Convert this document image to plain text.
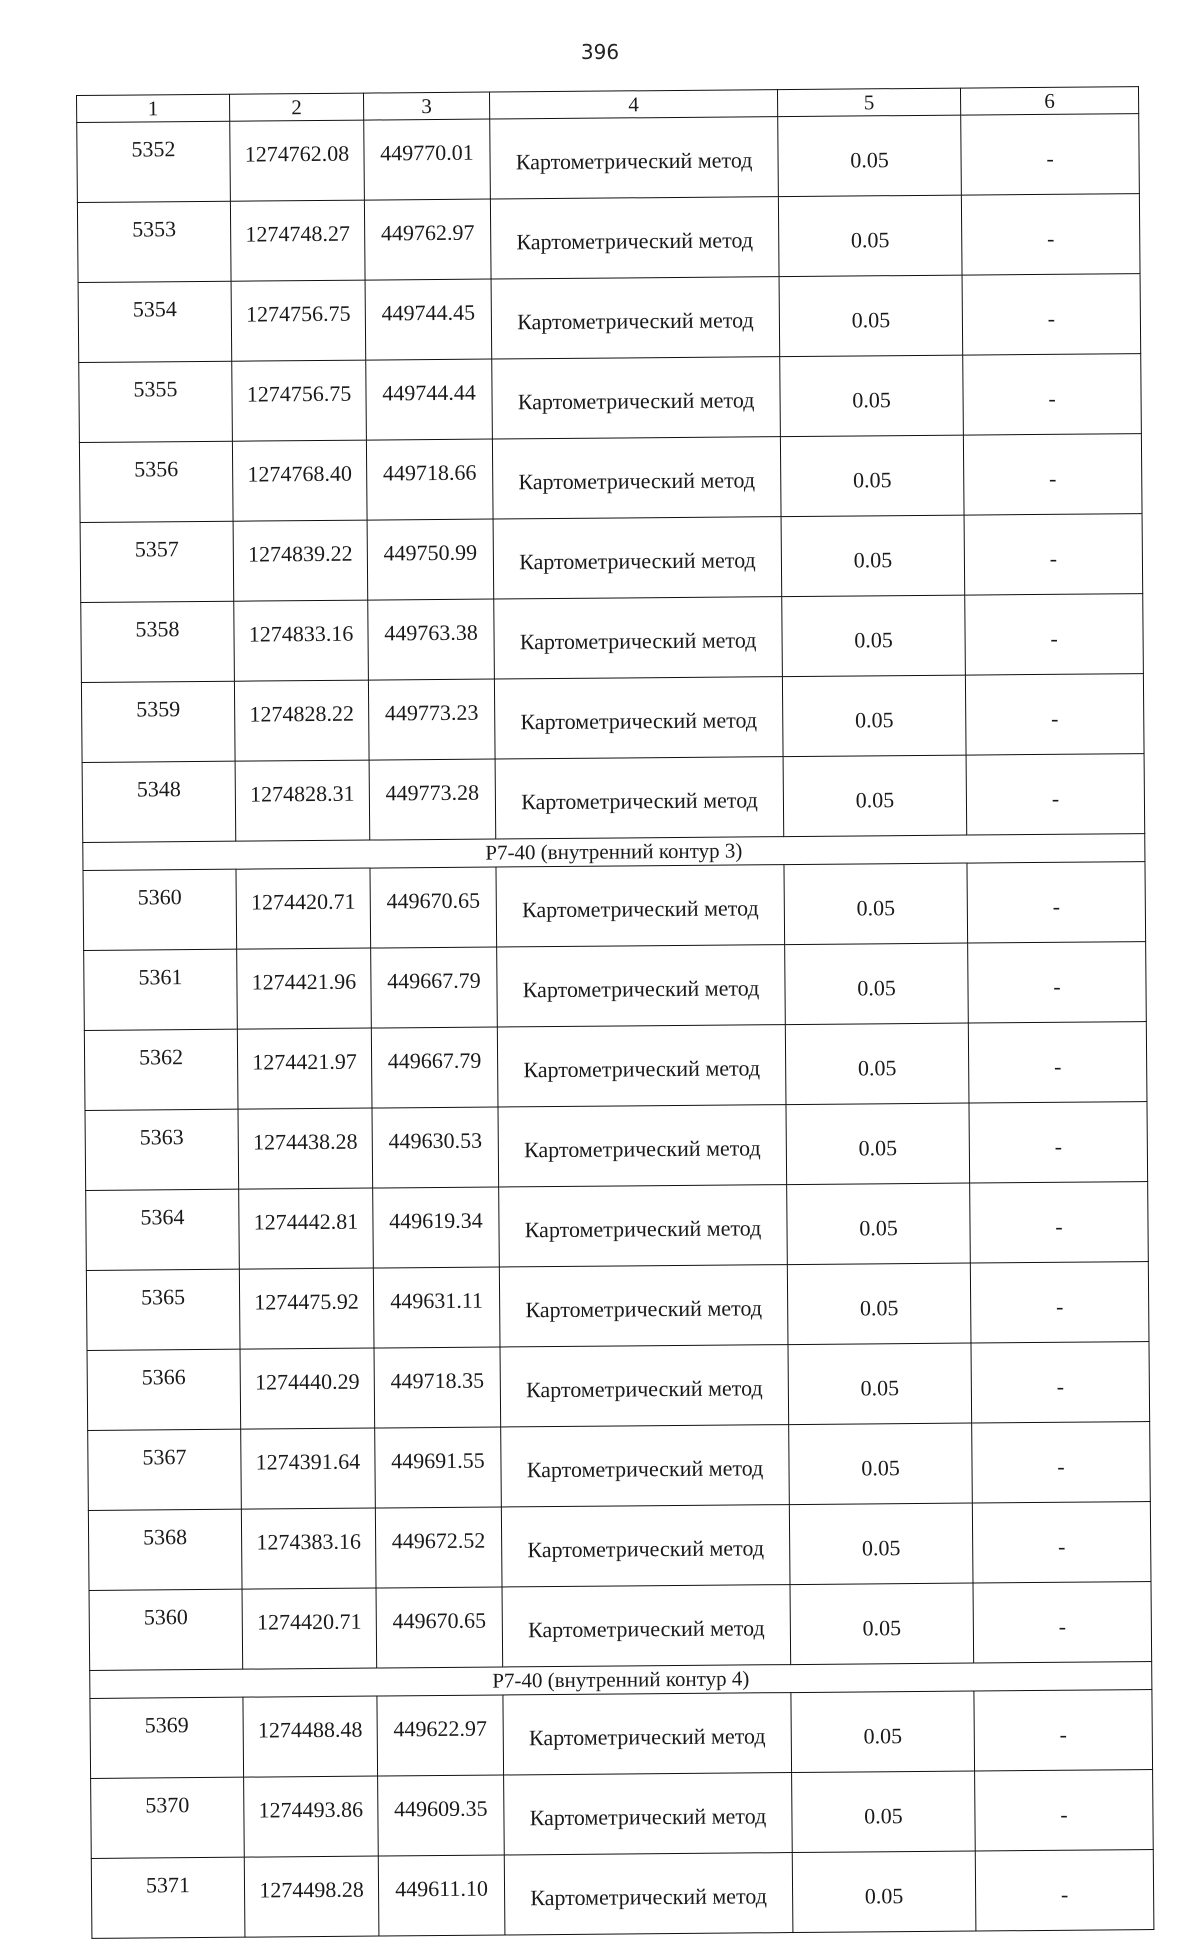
396
1	2	3	4	5	6
5352	1274762.08	449770.01	Картометрический метод	0.05	-
5353	1274748.27	449762.97	Картометрический метод	0.05	-
5354	1274756.75	449744.45	Картометрический метод	0.05	-
5355	1274756.75	449744.44	Картометрический метод	0.05	-
5356	1274768.40	449718.66	Картометрический метод	0.05	-
5357	1274839.22	449750.99	Картометрический метод	0.05	-
5358	1274833.16	449763.38	Картометрический метод	0.05	-
5359	1274828.22	449773.23	Картометрический метод	0.05	-
5348	1274828.31	449773.28	Картометрический метод	0.05	-
Р7-40 (внутренний контур 3)					
5360	1274420.71	449670.65	Картометрический метод	0.05	-
5361	1274421.96	449667.79	Картометрический метод	0.05	-
5362	1274421.97	449667.79	Картометрический метод	0.05	-
5363	1274438.28	449630.53	Картометрический метод	0.05	-
5364	1274442.81	449619.34	Картометрический метод	0.05	-
5365	1274475.92	449631.11	Картометрический метод	0.05	-
5366	1274440.29	449718.35	Картометрический метод	0.05	-
5367	1274391.64	449691.55	Картометрический метод	0.05	-
5368	1274383.16	449672.52	Картометрический метод	0.05	-
5360	1274420.71	449670.65	Картометрический метод	0.05	-
Р7-40 (внутренний контур 4)					
5369	1274488.48	449622.97	Картометрический метод	0.05	-
5370	1274493.86	449609.35	Картометрический метод	0.05	-
5371	1274498.28	449611.10	Картометрический метод	0.05	-
